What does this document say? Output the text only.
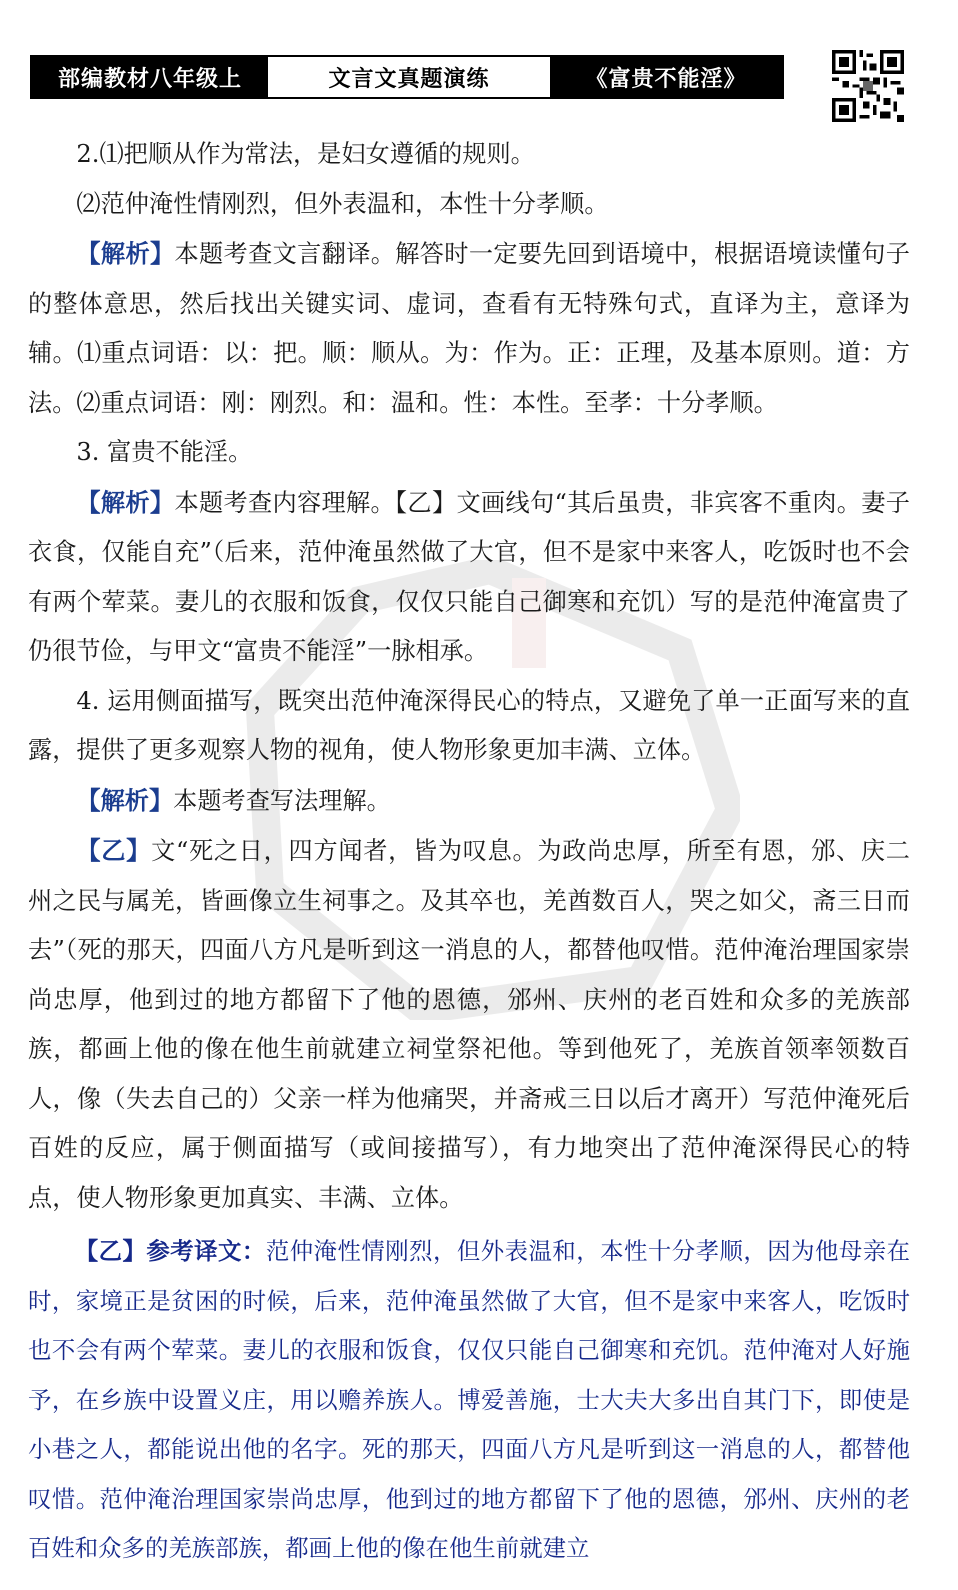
部编教材八年级上	文言文真题演练	《富贵不能淫》

2.⑴把顺从作为常法，是妇女遵循的规则。

⑵范仲淹性情刚烈，但外表温和，本性十分孝顺。

【解析】本题考查文言翻译。解答时一定要先回到语境中，根据语境读懂句子的整体意思，然后找出关键实词、虚词，查看有无特殊句式，直译为主，意译为辅。⑴重点词语：以：把。顺：顺从。为：作为。正：正理，及基本原则。道：方法。⑵重点词语：刚：刚烈。和：温和。性：本性。至孝：十分孝顺。

3. 富贵不能淫。

【解析】本题考查内容理解。【乙】文画线句“其后虽贵，非宾客不重肉。妻子衣食，仅能自充”（后来，范仲淹虽然做了大官，但不是家中来客人，吃饭时也不会有两个荤菜。妻儿的衣服和饭食，仅仅只能自己御寒和充饥）写的是范仲淹富贵了仍很节俭，与甲文“富贵不能淫”一脉相承。

4. 运用侧面描写，既突出范仲淹深得民心的特点，又避免了单一正面写来的直露，提供了更多观察人物的视角，使人物形象更加丰满、立体。

【解析】本题考查写法理解。

【乙】文“死之日，四方闻者，皆为叹息。为政尚忠厚，所至有恩，邠、庆二州之民与属羌，皆画像立生祠事之。及其卒也，羌酋数百人，哭之如父，斋三日而去”（死的那天，四面八方凡是听到这一消息的人，都替他叹惜。范仲淹治理国家崇尚忠厚，他到过的地方都留下了他的恩德，邠州、庆州的老百姓和众多的羌族部族，都画上他的像在他生前就建立祠堂祭祀他。等到他死了，羌族首领率领数百人，像（失去自己的）父亲一样为他痛哭，并斋戒三日以后才离开）写范仲淹死后百姓的反应，属于侧面描写（或间接描写），有力地突出了范仲淹深得民心的特点，使人物形象更加真实、丰满、立体。

【乙】参考译文：范仲淹性情刚烈，但外表温和，本性十分孝顺，因为他母亲在时，家境正是贫困的时候，后来，范仲淹虽然做了大官，但不是家中来客人，吃饭时也不会有两个荤菜。妻儿的衣服和饭食，仅仅只能自己御寒和充饥。范仲淹对人好施予，在乡族中设置义庄，用以赡养族人。博爱善施，士大夫大多出自其门下，即使是小巷之人，都能说出他的名字。死的那天，四面八方凡是听到这一消息的人，都替他叹惜。范仲淹治理国家崇尚忠厚，他到过的地方都留下了他的恩德，邠州、庆州的老百姓和众多的羌族部族，都画上他的像在他生前就建立
